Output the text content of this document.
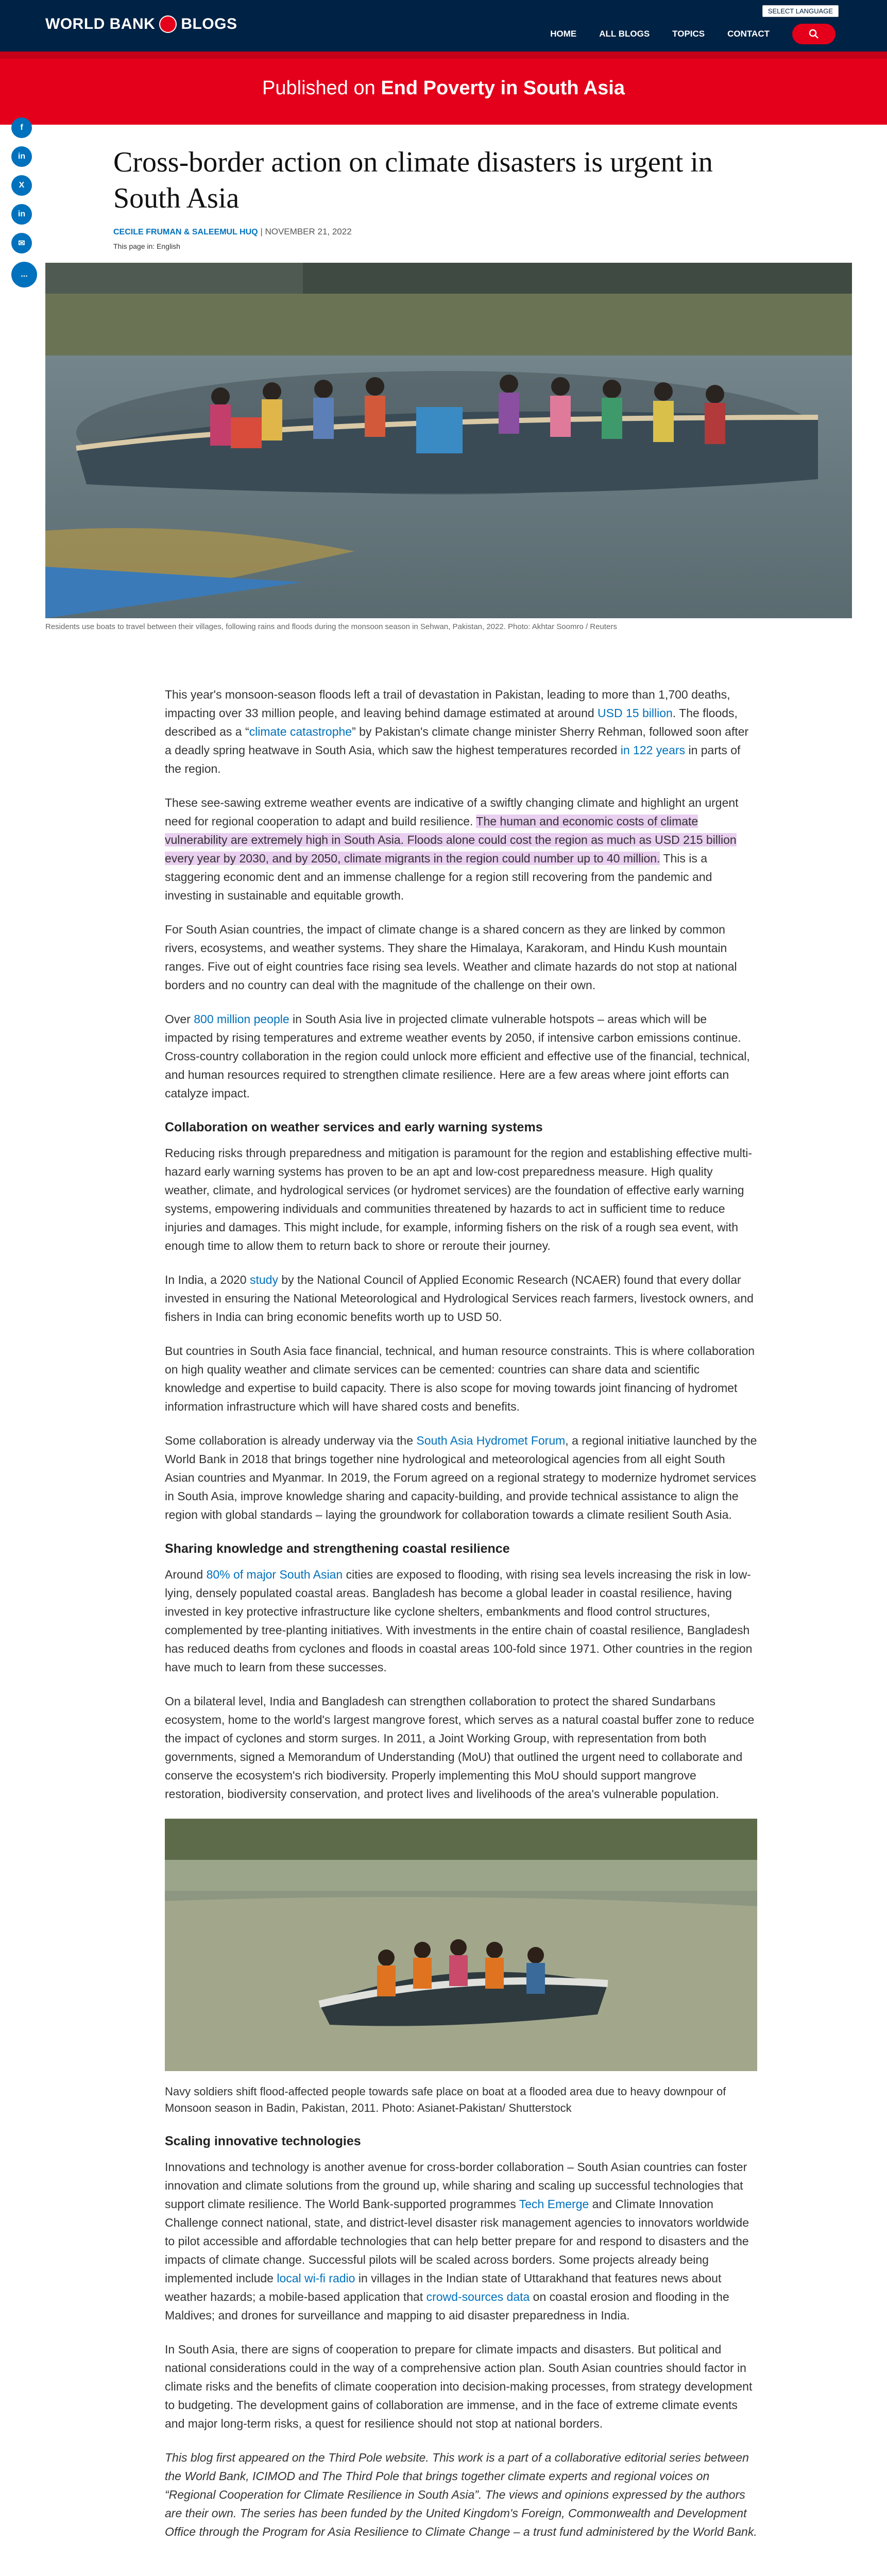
WORLD BANK BLOGS
SELECT LANGUAGE
HOME	ALL BLOGS	TOPICS	CONTACT
Published on End Poverty in South Asia
f
in
X
in
✉
...
Cross-border action on climate disasters is urgent in South Asia
CECILE FRUMAN & SALEEMUL HUQ | NOVEMBER 21, 2022
This page in: English
Residents use boats to travel between their villages, following rains and floods during the monsoon season in Sehwan, Pakistan, 2022. Photo: Akhtar Soomro / Reuters

This year's monsoon-season floods left a trail of devastation in Pakistan, leading to more than 1,700 deaths, impacting over 33 million people, and leaving behind damage estimated at around USD 15 billion. The floods, described as a “climate catastrophe” by Pakistan's climate change minister Sherry Rehman, followed soon after a deadly spring heatwave in South Asia, which saw the highest temperatures recorded in 122 years in parts of the region.

These see-sawing extreme weather events are indicative of a swiftly changing climate and highlight an urgent need for regional cooperation to adapt and build resilience. The human and economic costs of climate vulnerability are extremely high in South Asia. Floods alone could cost the region as much as USD 215 billion every year by 2030, and by 2050, climate migrants in the region could number up to 40 million. This is a staggering economic dent and an immense challenge for a region still recovering from the pandemic and investing in sustainable and equitable growth.

For South Asian countries, the impact of climate change is a shared concern as they are linked by common rivers, ecosystems, and weather systems. They share the Himalaya, Karakoram, and Hindu Kush mountain ranges. Five out of eight countries face rising sea levels. Weather and climate hazards do not stop at national borders and no country can deal with the magnitude of the challenge on their own.

Over 800 million people in South Asia live in projected climate vulnerable hotspots – areas which will be impacted by rising temperatures and extreme weather events by 2050, if intensive carbon emissions continue. Cross-country collaboration in the region could unlock more efficient and effective use of the financial, technical, and human resources required to strengthen climate resilience. Here are a few areas where joint efforts can catalyze impact.

Collaboration on weather services and early warning systems

Reducing risks through preparedness and mitigation is paramount for the region and establishing effective multi-hazard early warning systems has proven to be an apt and low-cost preparedness measure. High quality weather, climate, and hydrological services (or hydromet services) are the foundation of effective early warning systems, empowering individuals and communities threatened by hazards to act in sufficient time to reduce injuries and damages. This might include, for example, informing fishers on the risk of a rough sea event, with enough time to allow them to return back to shore or reroute their journey.

In India, a 2020 study by the National Council of Applied Economic Research (NCAER) found that every dollar invested in ensuring the National Meteorological and Hydrological Services reach farmers, livestock owners, and fishers in India can bring economic benefits worth up to USD 50.

But countries in South Asia face financial, technical, and human resource constraints. This is where collaboration on high quality weather and climate services can be cemented: countries can share data and scientific knowledge and expertise to build capacity. There is also scope for moving towards joint financing of hydromet information infrastructure which will have shared costs and benefits.

Some collaboration is already underway via the South Asia Hydromet Forum, a regional initiative launched by the World Bank in 2018 that brings together nine hydrological and meteorological agencies from all eight South Asian countries and Myanmar. In 2019, the Forum agreed on a regional strategy to modernize hydromet services in South Asia, improve knowledge sharing and capacity-building, and provide technical assistance to align the region with global standards – laying the groundwork for collaboration towards a climate resilient South Asia.

Sharing knowledge and strengthening coastal resilience

Around 80% of major South Asian cities are exposed to flooding, with rising sea levels increasing the risk in low-lying, densely populated coastal areas. Bangladesh has become a global leader in coastal resilience, having invested in key protective infrastructure like cyclone shelters, embankments and flood control structures, complemented by tree-planting initiatives. With investments in the entire chain of coastal resilience, Bangladesh has reduced deaths from cyclones and floods in coastal areas 100-fold since 1971. Other countries in the region have much to learn from these successes.

On a bilateral level, India and Bangladesh can strengthen collaboration to protect the shared Sundarbans ecosystem, home to the world's largest mangrove forest, which serves as a natural coastal buffer zone to reduce the impact of cyclones and storm surges. In 2011, a Joint Working Group, with representation from both governments, signed a Memorandum of Understanding (MoU) that outlined the urgent need to collaborate and conserve the ecosystem's rich biodiversity. Properly implementing this MoU should support mangrove restoration, biodiversity conservation, and protect lives and livelihoods of the area's vulnerable population.

Navy soldiers shift flood-affected people towards safe place on boat at a flooded area due to heavy downpour of Monsoon season in Badin, Pakistan, 2011. Photo: Asianet-Pakistan/ Shutterstock

Scaling innovative technologies

Innovations and technology is another avenue for cross-border collaboration – South Asian countries can foster innovation and climate solutions from the ground up, while sharing and scaling up successful technologies that support climate resilience. The World Bank-supported programmes Tech Emerge and Climate Innovation Challenge connect national, state, and district-level disaster risk management agencies to innovators worldwide to pilot accessible and affordable technologies that can help better prepare for and respond to disasters and the impacts of climate change. Successful pilots will be scaled across borders. Some projects already being implemented include local wi-fi radio in villages in the Indian state of Uttarakhand that features news about weather hazards; a mobile-based application that crowd-sources data on coastal erosion and flooding in the Maldives; and drones for surveillance and mapping to aid disaster preparedness in India.

In South Asia, there are signs of cooperation to prepare for climate impacts and disasters. But political and national considerations could in the way of a comprehensive action plan. South Asian countries should factor in climate risks and the benefits of climate cooperation into decision-making processes, from strategy development to budgeting. The development gains of collaboration are immense, and in the face of extreme climate events and major long-term risks, a quest for resilience should not stop at national borders.

This blog first appeared on the Third Pole website. This work is a part of a collaborative editorial series between the World Bank, ICIMOD and The Third Pole that brings together climate experts and regional voices on “Regional Cooperation for Climate Resilience in South Asia”. The views and opinions expressed by the authors are their own. The series has been funded by the United Kingdom's Foreign, Commonwealth and Development Office through the Program for Asia Resilience to Climate Change – a trust fund administered by the World Bank.
